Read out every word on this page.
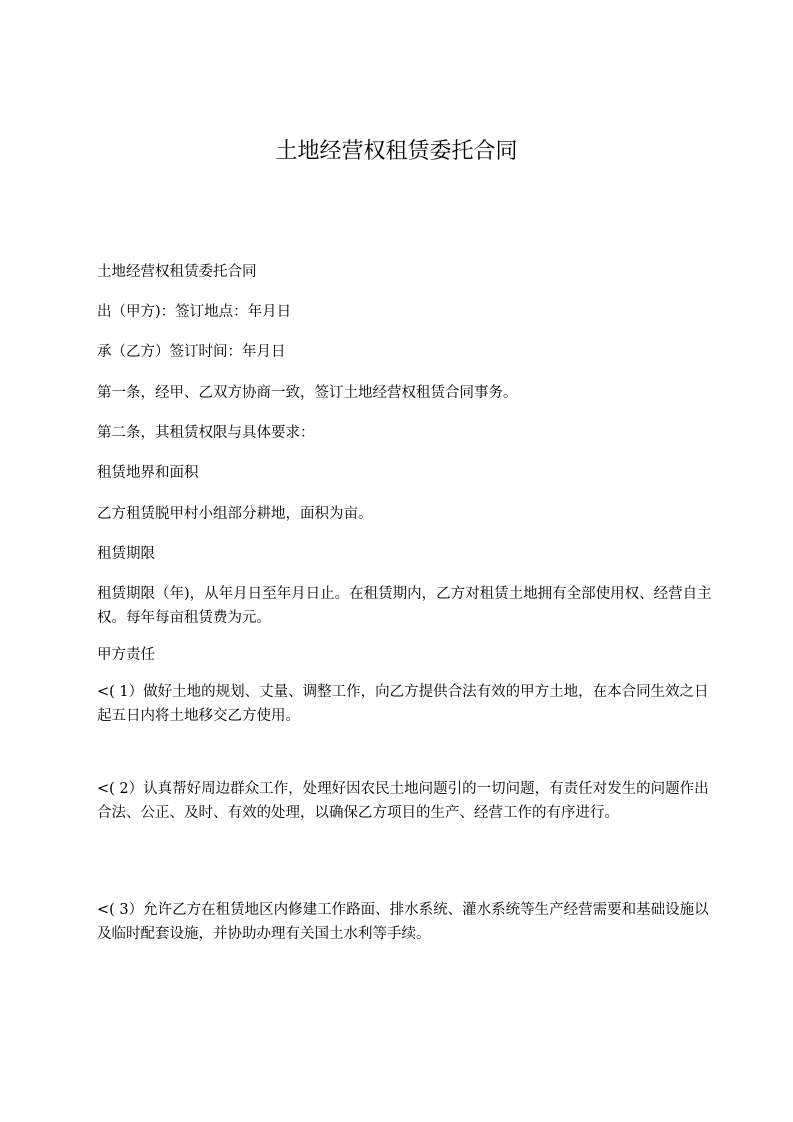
土地经营权租赁委托合同

土地经营权租赁委托合同

出（甲方)：签订地点：年月日

承（乙方）签订时间：年月日

第一条，经甲、乙双方协商一致，签订土地经营权租赁合同事务。

第二条，其租赁权限与具体要求：

租赁地界和面积

乙方租赁脱甲村小组部分耕地，面积为亩。

租赁期限

租赁期限（年)，从年月日至年月日止。在租赁期内，乙方对租赁土地拥有全部使用权、经营自主权。每年每亩租赁费为元。

甲方责任

<( 1）做好土地的规划、丈量、调整工作，向乙方提供合法有效的甲方土地，在本合同生效之日起五日内将土地移交乙方使用。

<( 2）认真帮好周边群众工作，处理好因农民土地问题引的一切问题，有责任对发生的问题作出合法、公正、及时、有效的处理，以确保乙方项目的生产、经营工作的有序进行。

<( 3）允许乙方在租赁地区内修建工作路面、排水系统、灌水系统等生产经营需要和基础设施以及临时配套设施，并协助办理有关国土水利等手续。
